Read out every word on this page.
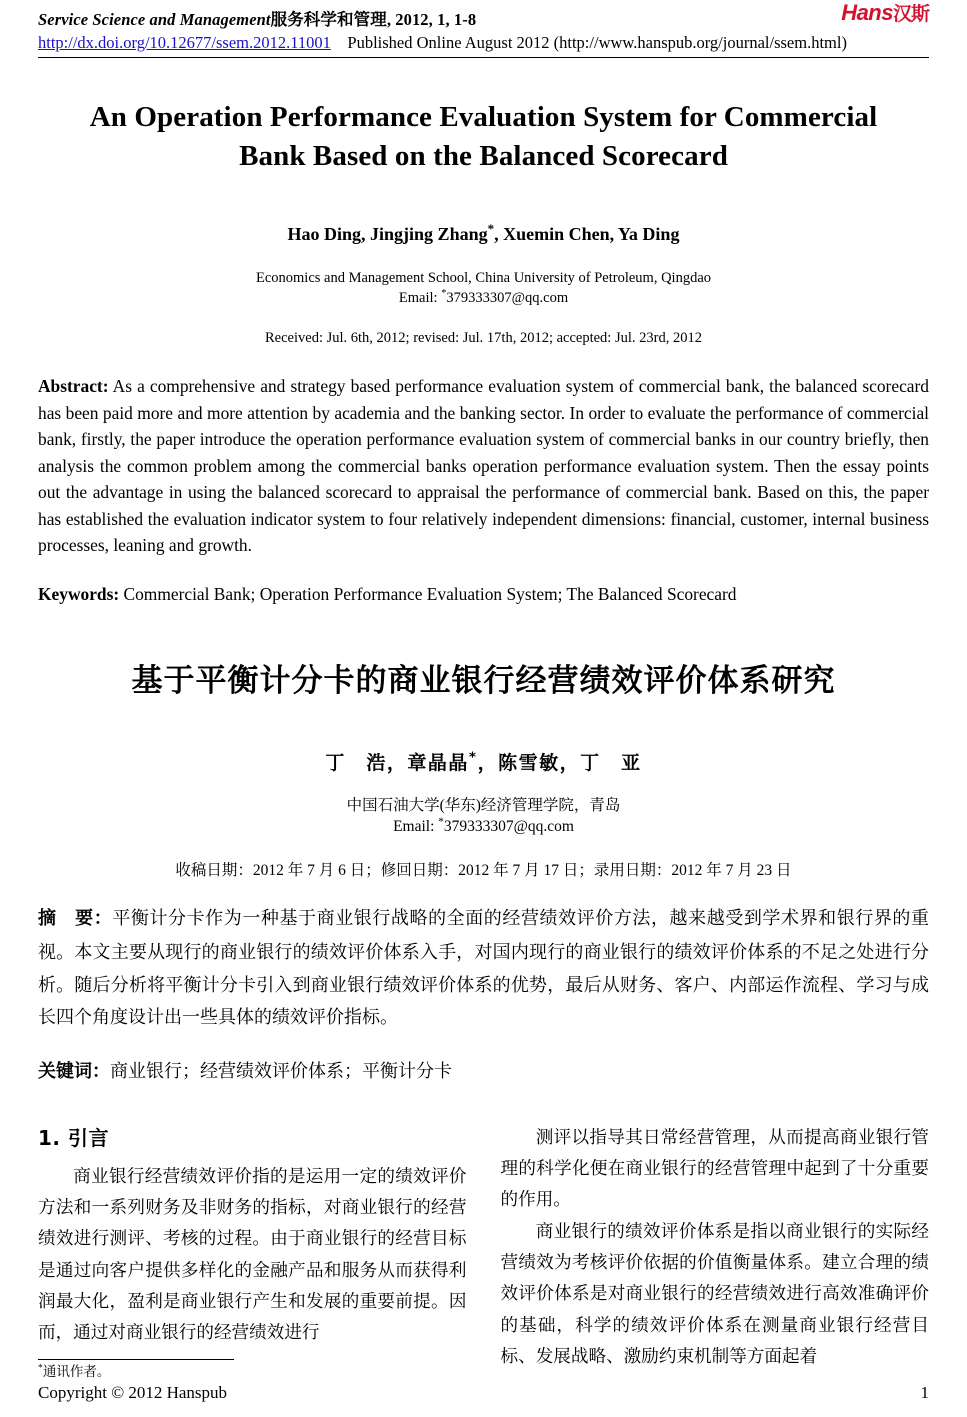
Service Science and Management服务科学和管理, 2012, 1, 1-8	Hans汉斯
http://dx.doi.org/10.12677/ssem.2012.11001 Published Online August 2012 (http://www.hanspub.org/journal/ssem.html)
An Operation Performance Evaluation System for Commercial Bank Based on the Balanced Scorecard
Hao Ding, Jingjing Zhang*, Xuemin Chen, Ya Ding
Economics and Management School, China University of Petroleum, Qingdao
Email: *379333307@qq.com
Received: Jul. 6th, 2012; revised: Jul. 17th, 2012; accepted: Jul. 23rd, 2012
Abstract: As a comprehensive and strategy based performance evaluation system of commercial bank, the balanced scorecard has been paid more and more attention by academia and the banking sector. In order to evaluate the performance of commercial bank, firstly, the paper introduce the operation performance evaluation system of commercial banks in our country briefly, then analysis the common problem among the commercial banks operation performance evaluation system. Then the essay points out the advantage in using the balanced scorecard to appraisal the performance of commercial bank. Based on this, the paper has established the evaluation indicator system to four relatively independent dimensions: financial, customer, internal business processes, leaning and growth.
Keywords: Commercial Bank; Operation Performance Evaluation System; The Balanced Scorecard
基于平衡计分卡的商业银行经营绩效评价体系研究
丁　浩，章晶晶*，陈雪敏，丁　亚
中国石油大学(华东)经济管理学院，青岛
Email: *379333307@qq.com
收稿日期：2012 年 7 月 6 日；修回日期：2012 年 7 月 17 日；录用日期：2012 年 7 月 23 日
摘　要：平衡计分卡作为一种基于商业银行战略的全面的经营绩效评价方法，越来越受到学术界和银行界的重视。本文主要从现行的商业银行的绩效评价体系入手，对国内现行的商业银行的绩效评价体系的不足之处进行分析。随后分析将平衡计分卡引入到商业银行绩效评价体系的优势，最后从财务、客户、内部运作流程、学习与成长四个角度设计出一些具体的绩效评价指标。
关键词：商业银行；经营绩效评价体系；平衡计分卡
1. 引言

商业银行经营绩效评价指的是运用一定的绩效评价方法和一系列财务及非财务的指标，对商业银行的经营绩效进行测评、考核的过程。由于商业银行的经营目标是通过向客户提供多样化的金融产品和服务从而获得利润最大化，盈利是商业银行产生和发展的重要前提。因而，通过对商业银行的经营绩效进行

*通讯作者。

测评以指导其日常经营管理，从而提高商业银行管理的科学化便在商业银行的经营管理中起到了十分重要的作用。

商业银行的绩效评价体系是指以商业银行的实际经营绩效为考核评价依据的价值衡量体系。建立合理的绩效评价体系是对商业银行的经营绩效进行高效准确评价的基础，科学的绩效评价体系在测量商业银行经营目标、发展战略、激励约束机制等方面起着

Copyright © 2012 Hanspub	1
